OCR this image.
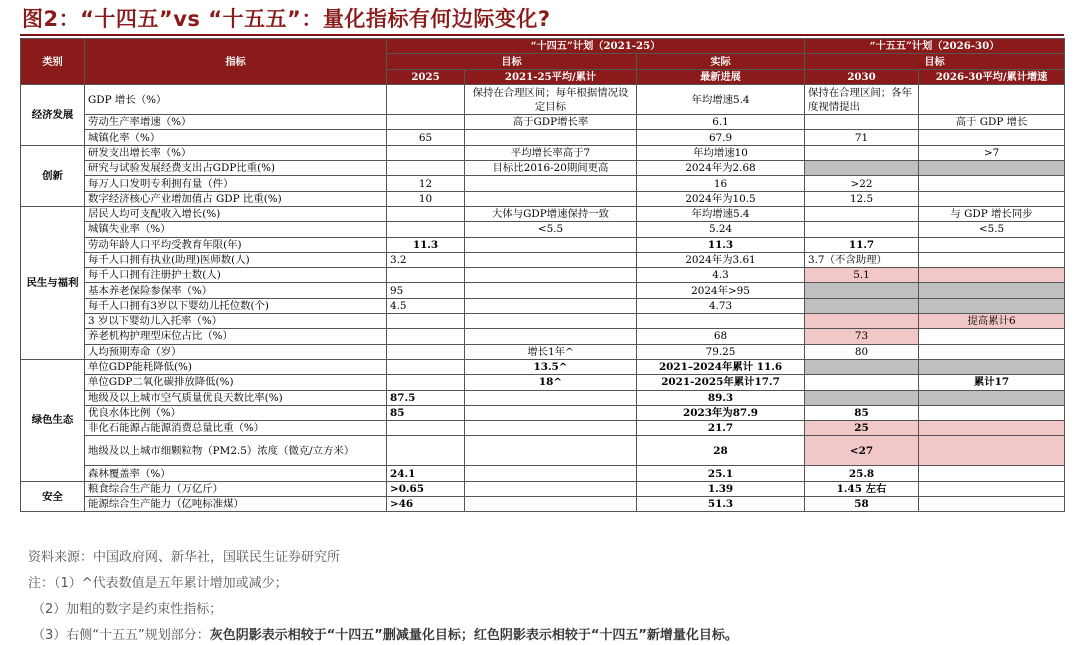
图2：“十四五”vs “十五五”：量化指标有何边际变化?
类别	指标	“十四五”计划（2021-25）			“十五五”计划（2026-30）	
		目标		实际	目标	
		2025	2021-25平均/累计	最新进展	2030	2026-30平均/累计增速
经济发展	GDP 增长（%）		保持在合理区间；每年根据情况设定目标	年均增速5.4	保持在合理区间；各年度视情提出	
	劳动生产率增速（%）		高于GDP增长率	6.1		高于 GDP 增长
	城镇化率（%）	65		67.9	71	
创新	研发支出增长率（%）		平均增长率高于7	年均增速10		>7
	研究与试验发展经费支出占GDP比重(%)		目标比2016-20期间更高	2024年为2.68		
	每万人口发明专利拥有量（件）	12		16	>22	
	数字经济核心产业增加值占 GDP 比重(%)	10		2024年为10.5	12.5	
民生与福利	居民人均可支配收入增长(%)		大体与GDP增速保持一致	年均增速5.4		与 GDP 增长同步
	城镇失业率（%）		<5.5	5.24		<5.5
	劳动年龄人口平均受教育年限(年)	11.3		11.3	11.7	
	每千人口拥有执业(助理)医师数(人)	3.2		2024年为3.61	3.7（不含助理）	
	每千人口拥有注册护士数(人)			4.3	5.1	
	基本养老保险参保率（%）	95		2024年>95		
	每千人口拥有3岁以下婴幼儿托位数(个)	4.5		4.73		
	3 岁以下婴幼儿入托率（%）					提高累计6
	养老机构护理型床位占比（%）			68	73	
	人均预期寿命（岁）		增长1年^	79.25	80	
绿色生态	单位GDP能耗降低(%)		13.5^	2021–2024年累计 11.6		
	单位GDP二氧化碳排放降低(%)		18^	2021-2025年累计17.7		累计17
	地级及以上城市空气质量优良天数比率(%)	87.5		89.3		
	优良水体比例（%）	85		2023年为87.9	85	
	非化石能源占能源消费总量比重（%）			21.7	25	
	地级及以上城市细颗粒物（PM2.5）浓度（微克/立方米）			28	<27	
	森林覆盖率（%）	24.1		25.1	25.8	
安全	粮食综合生产能力（万亿斤）	>0.65		1.39	1.45 左右	
	能源综合生产能力（亿吨标准煤）	>46		51.3	58	
资料来源：中国政府网、新华社，国联民生证券研究所
注：（1）^代表数值是五年累计增加或减少；
（2）加粗的数字是约束性指标；
（3）右侧“十五五”规划部分：灰色阴影表示相较于“十四五”删减量化目标；红色阴影表示相较于“十四五”新增量化目标。
